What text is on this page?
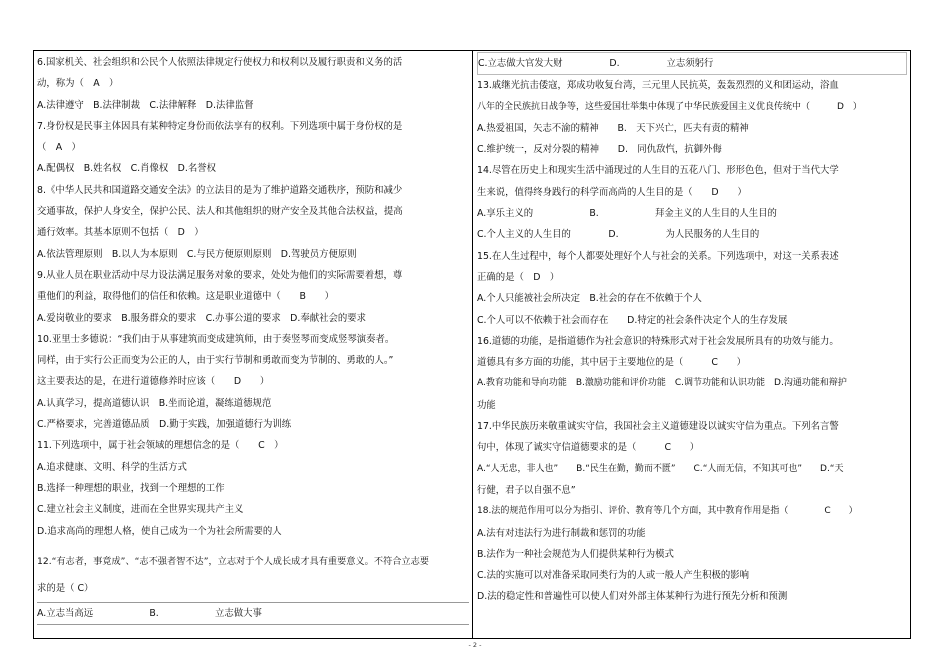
6.国家机关、社会组织和公民个人依照法律规定行使权力和权利以及履行职责和义务的活
动，称为（　A　）
A.法律遵守　B.法律制裁　C.法律解释　D.法律监督
7.身份权是民事主体因具有某种特定身份而依法享有的权利。下列选项中属于身份权的是
（　A　）
A.配偶权　B.姓名权　C.肖像权　D.名誉权
8.《中华人民共和国道路交通安全法》的立法目的是为了维护道路交通秩序，预防和减少
交通事故，保护人身安全，保护公民、法人和其他组织的财产安全及其他合法权益，提高
通行效率。其基本原则不包括（　D　）
A.依法管理原则　B.以人为本原则　C.与民方便原则原则　D.驾驶员方便原则
9.从业人员在职业活动中尽力设法满足服务对象的要求，处处为他们的实际需要着想，尊
重他们的利益，取得他们的信任和依赖。这是职业道德中（　　B　　）
A.爱岗敬业的要求　B.服务群众的要求　C.办事公道的要求　D.奉献社会的要求
10.亚里士多德说：“我们由于从事建筑而变成建筑师，由于奏竖琴而变成竖琴演奏者。
同样，由于实行公正而变为公正的人，由于实行节制和勇敢而变为节制的、勇敢的人。”
这主要表达的是，在进行道德修养时应该（　　D　　）
A.认真学习，提高道德认识　B.坐而论道，凝练道德规范
C.严格要求，完善道德品质　D.勤于实践，加强道德行为训练
11.下列选项中，属于社会领域的理想信念的是（　　C　）
A.追求健康、文明、科学的生活方式
B.选择一种理想的职业，找到一个理想的工作
C.建立社会主义制度，进而在全世界实现共产主义
D.追求高尚的理想人格，使自己成为一个为社会所需要的人
12.“有志者，事竟成”、“志不强者智不达”，立志对于个人成长成才具有重要意义。不符合立志要
求的是（ C）
A.立志当高远　　　　　　B.　　　　　　立志做大事
C.立志做大官发大财　　　　　D.　　　　　立志须躬行
13.戚继光抗击倭寇，郑成功收复台湾，三元里人民抗英，轰轰烈烈的义和团运动，浴血
八年的全民族抗日战争等，这些爱国壮举集中体现了中华民族爱国主义优良传统中（　　　D　）
A.热爱祖国，矢志不渝的精神　　B.　天下兴亡，匹夫有责的精神
C.维护统一，反对分裂的精神　　D.　同仇敌忾，抗御外侮
14.尽管在历史上和现实生活中涌现过的人生目的五花八门、形形色色，但对于当代大学
生来说，值得终身践行的科学而高尚的人生目的是（　　D　　）
A.享乐主义的　　　　　　B.　　　　　　拜金主义的人生目的人生目的
C.个人主义的人生目的　　　　D.　　　　　为人民服务的人生目的
15.在人生过程中，每个人都要处理好个人与社会的关系。下列选项中，对这一关系表述
正确的是（　D　）
A.个人只能被社会所决定　B.社会的存在不依赖于个人
C.个人可以不依赖于社会而存在　　D.特定的社会条件决定个人的生存发展
16.道德的功能，是指道德作为社会意识的特殊形式对于社会发展所具有的功效与能力。
道德具有多方面的功能，其中居于主要地位的是（　　　C　　）
A.教育功能和导向功能　B.激励功能和评价功能　C.调节功能和认识功能　D.沟通功能和辩护
功能
17.中华民族历来敬重诚实守信，我国社会主义道德建设以诚实守信为重点。下列名言警
句中，体现了诚实守信道德要求的是（　　　C　　）
A.“人无忠，非人也”　　B.“民生在勤，勤而不匮”　　C.“人而无信，不知其可也”　　D.“天
行健，君子以自强不息”
18.法的规范作用可以分为指引、评价、教育等几个方面，其中教育作用是指（　　　　C　　）
A.法有对违法行为进行制裁和惩罚的功能
B.法作为一种社会规范为人们提供某种行为模式
C.法的实施可以对准备采取同类行为的人或一般人产生积极的影响
D.法的稳定性和普遍性可以使人们对外部主体某种行为进行预先分析和预测
- 2 -
